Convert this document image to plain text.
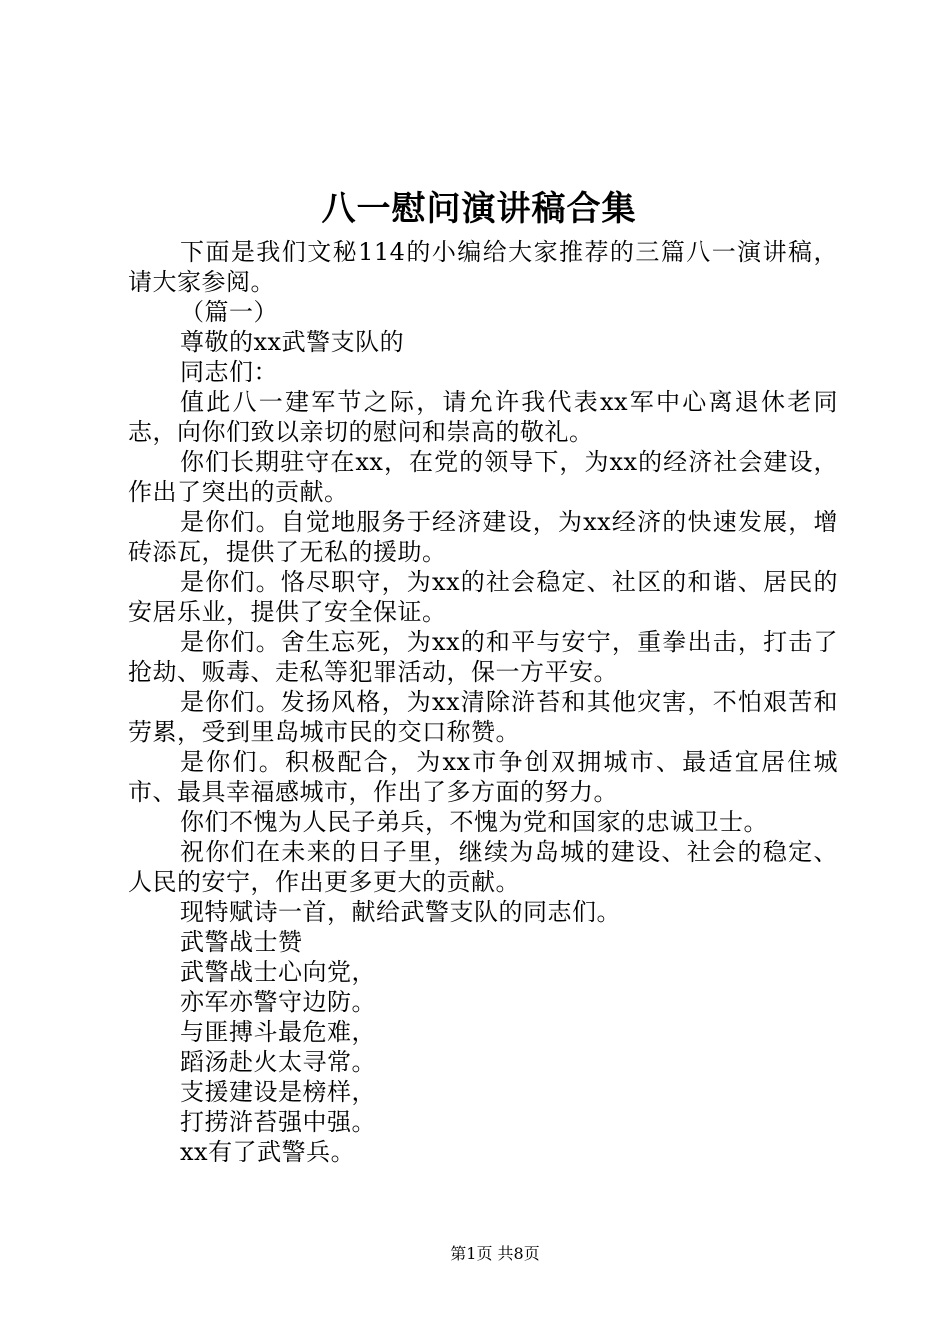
八一慰问演讲稿合集

下面是我们文秘114的小编给大家推荐的三篇八一演讲稿，请大家参阅。

（篇一）

尊敬的xx武警支队的

同志们：

值此八一建军节之际，请允许我代表xx军中心离退休老同志，向你们致以亲切的慰问和崇高的敬礼。

你们长期驻守在xx，在党的领导下，为xx的经济社会建设，作出了突出的贡献。

是你们。自觉地服务于经济建设，为xx经济的快速发展，增砖添瓦，提供了无私的援助。

是你们。恪尽职守，为xx的社会稳定、社区的和谐、居民的安居乐业，提供了安全保证。

是你们。舍生忘死，为xx的和平与安宁，重拳出击，打击了抢劫、贩毒、走私等犯罪活动，保一方平安。

是你们。发扬风格，为xx清除浒苔和其他灾害，不怕艰苦和劳累，受到里岛城市民的交口称赞。

是你们。积极配合，为xx市争创双拥城市、最适宜居住城市、最具幸福感城市，作出了多方面的努力。

你们不愧为人民子弟兵，不愧为党和国家的忠诚卫士。

祝你们在未来的日子里，继续为岛城的建设、社会的稳定、人民的安宁，作出更多更大的贡献。

现特赋诗一首，献给武警支队的同志们。

武警战士赞

武警战士心向党，

亦军亦警守边防。

与匪搏斗最危难，

蹈汤赴火太寻常。

支援建设是榜样，

打捞浒苔强中强。

xx有了武警兵。

第1页 共8页
